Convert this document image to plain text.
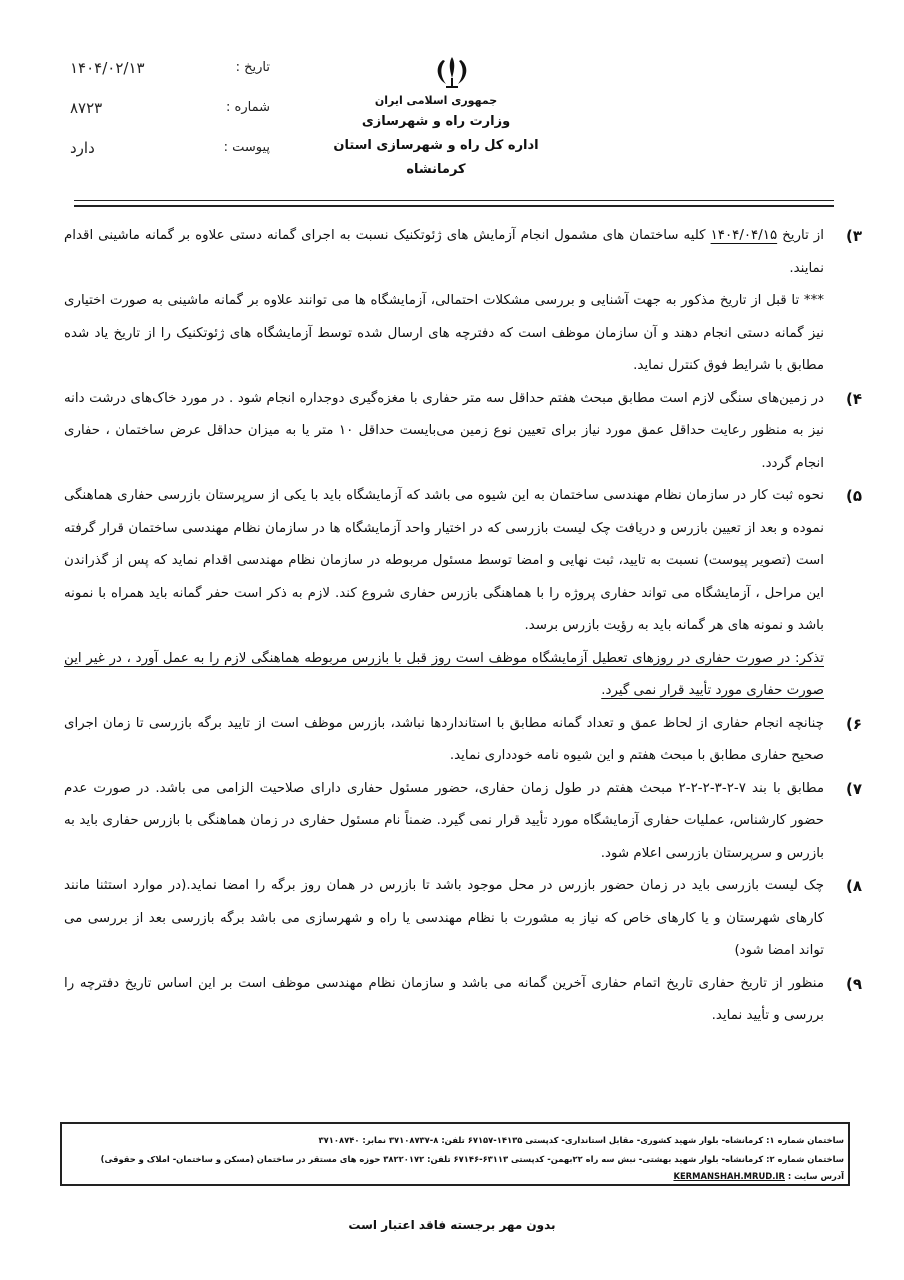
جمهوری اسلامی ایران
وزارت راه و شهرسازی
اداره کل راه و شهرسازی استان کرمانشاه
تاریخ :
۱۴۰۴/۰۲/۱۳
شماره :
۸۷۲۳
پیوست :
دارد
۳)

از تاریخ ۱۴۰۴/۰۴/۱۵ کلیه ساختمان های مشمول انجام آزمایش های ژئوتکنیک نسبت به اجرای گمانه دستی علاوه بر گمانه ماشینی اقدام نمایند.

*** تا قبل از تاریخ مذکور به جهت آشنایی و بررسی مشکلات احتمالی، آزمایشگاه ها می توانند علاوه بر گمانه ماشینی به صورت اختیاری نیز گمانه دستی انجام دهند و آن سازمان موظف است که دفترچه های ارسال شده توسط آزمایشگاه های ژئوتکنیک را از تاریخ یاد شده مطابق با شرایط فوق کنترل نماید.

۴)

در زمین‌های سنگی لازم است مطابق مبحث هفتم حداقل سه متر حفاری با مغزه‌گیری دوجداره انجام شود . در مورد خاک‌های درشت دانه نیز به منظور رعایت حداقل عمق مورد نیاز برای تعیین نوع زمین می‌بایست حداقل ۱۰ متر یا به میزان حداقل عرض ساختمان ، حفاری انجام گردد.

۵)

نحوه ثبت کار در سازمان نظام مهندسی ساختمان به این شیوه می باشد که آزمایشگاه باید با یکی از سرپرستان بازرسی حفاری هماهنگی نموده و بعد از تعیین بازرس و دریافت چک لیست بازرسی که در اختیار واحد آزمایشگاه ها در سازمان نظام مهندسی ساختمان قرار گرفته است (تصویر پیوست) نسبت به تایید، ثبت نهایی و امضا توسط مسئول مربوطه در سازمان نظام مهندسی اقدام نماید که پس از گذراندن این مراحل ، آزمایشگاه می تواند حفاری پروژه را با هماهنگی بازرس حفاری شروع کند. لازم به ذکر است حفر گمانه باید همراه با نمونه باشد و نمونه های هر گمانه باید به رؤیت بازرس برسد.

تذکر: در صورت حفاری در روزهای تعطیل آزمایشگاه موظف است روز قبل با بازرس مربوطه هماهنگی لازم را به عمل آورد ، در غیر این صورت حفاری مورد تأیید قرار نمی گیرد.

۶)

چنانچه انجام حفاری از لحاظ عمق و تعداد گمانه مطابق با استانداردها نباشد، بازرس موظف است از تایید برگه بازرسی تا زمان اجرای صحیح حفاری مطابق با مبحث هفتم و این شیوه نامه خودداری نماید.

۷)

مطابق با بند ۷-۲-۳-۲-۲-۲ مبحث هفتم در طول زمان حفاری، حضور مسئول حفاری دارای صلاحیت الزامی می باشد. در صورت عدم حضور کارشناس، عملیات حفاری آزمایشگاه مورد تأیید قرار نمی گیرد. ضمناً نام مسئول حفاری در زمان هماهنگی با بازرس حفاری باید به بازرس و سرپرستان بازرسی اعلام شود.

۸)

چک لیست بازرسی باید در زمان حضور بازرس در محل موجود باشد تا بازرس در همان روز برگه را امضا نماید.(در موارد استثنا مانند کارهای شهرستان و یا کارهای خاص که نیاز به مشورت با نظام مهندسی یا راه و شهرسازی می باشد برگه بازرسی بعد از بررسی می تواند امضا شود)

۹)

منظور از تاریخ حفاری تاریخ اتمام حفاری آخرین گمانه می باشد و سازمان نظام مهندسی موظف است بر این اساس تاریخ دفترچه را بررسی و تأیید نماید.

ساختمان شماره ۱: کرمانشاه- بلوار شهید کشوری- مقابل استانداری- کدپستی ۱۴۱۳۵-۶۷۱۵۷ تلفن: ۸-۳۷۱۰۸۷۳۷ نمابر: ۳۷۱۰۸۷۴۰
ساختمان شماره ۲: کرمانشاه- بلوار شهید بهشتی- نبش سه راه ۲۲بهمن- کدپستی ۶۳۱۱۳-۶۷۱۴۶ تلفن: ۳۸۲۲۰۱۷۲ حوزه های مستقر در ساختمان (مسکن و ساختمان- املاک و حقوقی)
آدرس سایت : KERMANSHAH.MRUD.IR
بدون مهر برجسته فاقد اعتبار است
